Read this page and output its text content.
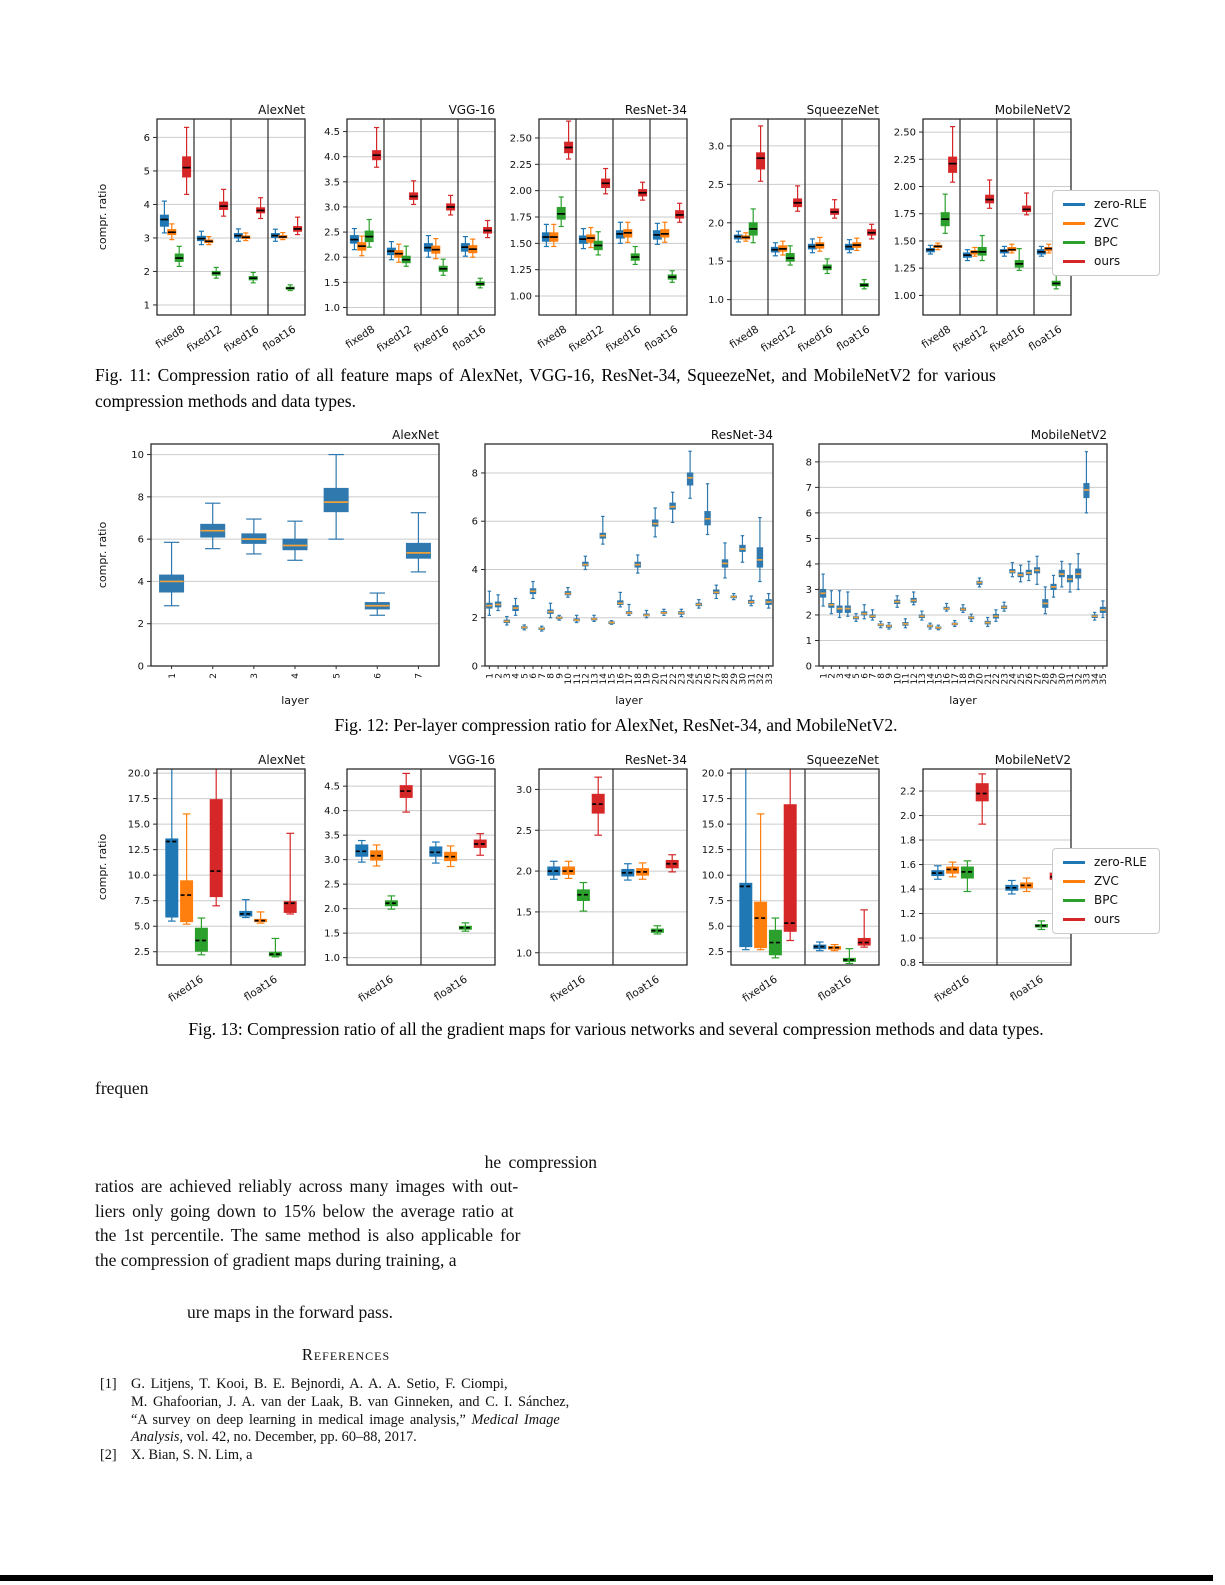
1
2
3
4
5
6
fixed8
fixed12
fixed16 float16
AlexNet
compr. ratio
1.0
1.5
2.0
2.5
3.0
3.5
4.0
4.5
fixed8
fixed12
fixed16 float16
VGG-16
1.00
1.25
1.50
1.75
2.00
2.25
2.50
fixed8
fixed12
fixed16 float16
ResNet-34
1.0
1.5
2.0
2.5
3.0
fixed8
fixed12
fixed16 float16
SqueezeNet
1.00
1.25
1.50
1.75
2.00
2.25
2.50
fixed8
fixed12
fixed16 float16
MobileNetV2
zero-RLE
ZVC
BPC
ours
Fig. 11: Compression ratio of all feature maps of AlexNet, VGG-16, ResNet-34, SqueezeNet, and MobileNetV2 for various
compression methods and data types.
0
2
4
6
8
10
1	2	3	4	5	6	7
layer
AlexNet
compr. ratio
0
2
4
6
8
1
2
3
4
5
6
7
8
9
10
11
12
13
14
15
16
17
18
19
20
21
22
23
24
25
26
27
28
29
30
31
32
33
layer
ResNet-34
0
1
2
3
4
5
6
7
8
1
2
3
4
5
6
7
8
9
10
11
12
13
14
15
16
17
18
19
20
21
22
23
24
25
26
27
28
29
30
31
32
33
34
35
layer
MobileNetV2
Fig. 12: Per-layer compression ratio for AlexNet, ResNet-34, and MobileNetV2.
2.5
5.0
7.5
10.0
12.5
15.0
17.5
20.0
fixed16	float16
AlexNet
compr. ratio
1.0
1.5
2.0
2.5
3.0
3.5
4.0
4.5
fixed16	float16
VGG-16
1.0
1.5
2.0
2.5
3.0
fixed16	float16
ResNet-34
2.5
5.0
7.5
10.0
12.5
15.0
17.5
20.0
fixed16	float16
SqueezeNet
0.8
1.0
1.2
1.4
1.6
1.8
2.0
2.2
fixed16	float16
MobileNetV2
zero-RLE
ZVC
BPC
ours
Fig. 13: Compression ratio of all the gradient maps for various networks and several compression methods and data types.
frequen
he compression
ratios are achieved reliably across many images with out-
liers only going down to 15% below the average ratio at
the 1st percentile. The same method is also applicable for
the compression of gradient maps during training, a
ure maps in the forward pass.
References
[1] G. Litjens, T. Kooi, B. E. Bejnordi, A. A. A. Setio, F. Ciompi,
M. Ghafoorian, J. A. van der Laak, B. van Ginneken, and C. I. Sánchez,
“A survey on deep learning in medical image analysis,” Medical Image
Analysis, vol. 42, no. December, pp. 60–88, 2017.
[2] X. Bian, S. N. Lim, a
